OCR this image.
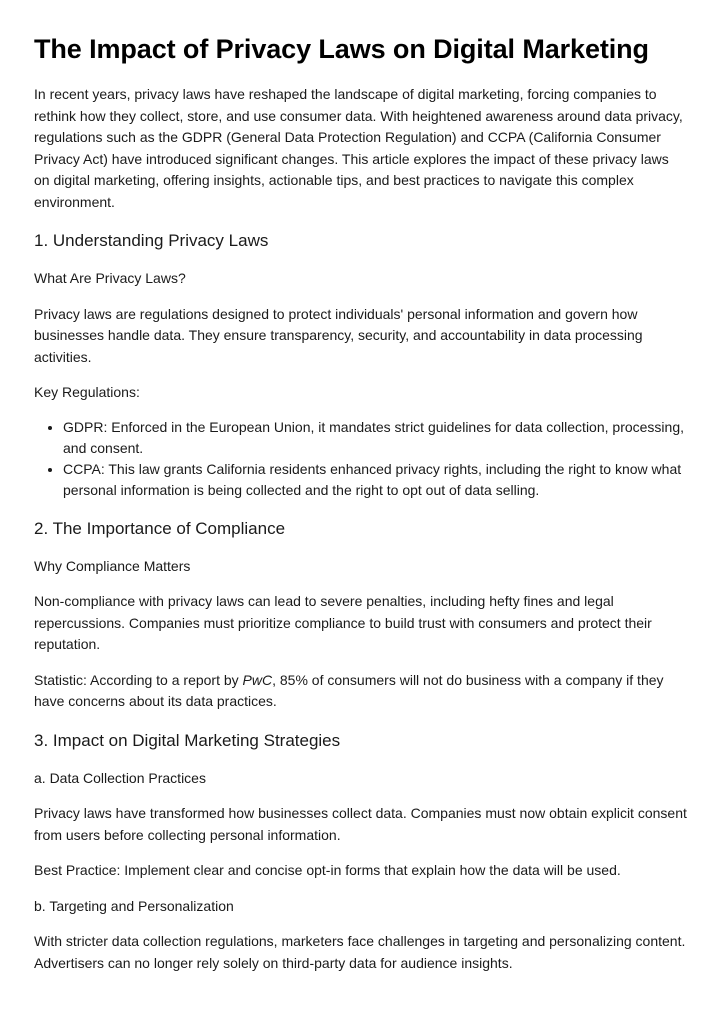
The Impact of Privacy Laws on Digital Marketing

In recent years, privacy laws have reshaped the landscape of digital marketing, forcing companies to rethink how they collect, store, and use consumer data. With heightened awareness around data privacy, regulations such as the GDPR (General Data Protection Regulation) and CCPA (California Consumer Privacy Act) have introduced significant changes. This article explores the impact of these privacy laws on digital marketing, offering insights, actionable tips, and best practices to navigate this complex environment.

1. Understanding Privacy Laws

What Are Privacy Laws?

Privacy laws are regulations designed to protect individuals' personal information and govern how businesses handle data. They ensure transparency, security, and accountability in data processing activities.

Key Regulations:

• GDPR: Enforced in the European Union, it mandates strict guidelines for data collection, processing, and consent.
• CCPA: This law grants California residents enhanced privacy rights, including the right to know what personal information is being collected and the right to opt out of data selling.
2. The Importance of Compliance

Why Compliance Matters

Non-compliance with privacy laws can lead to severe penalties, including hefty fines and legal repercussions. Companies must prioritize compliance to build trust with consumers and protect their reputation.

Statistic: According to a report by PwC, 85% of consumers will not do business with a company if they have concerns about its data practices.

3. Impact on Digital Marketing Strategies

a. Data Collection Practices

Privacy laws have transformed how businesses collect data. Companies must now obtain explicit consent from users before collecting personal information.

Best Practice: Implement clear and concise opt-in forms that explain how the data will be used.

b. Targeting and Personalization

With stricter data collection regulations, marketers face challenges in targeting and personalizing content. Advertisers can no longer rely solely on third-party data for audience insights.
